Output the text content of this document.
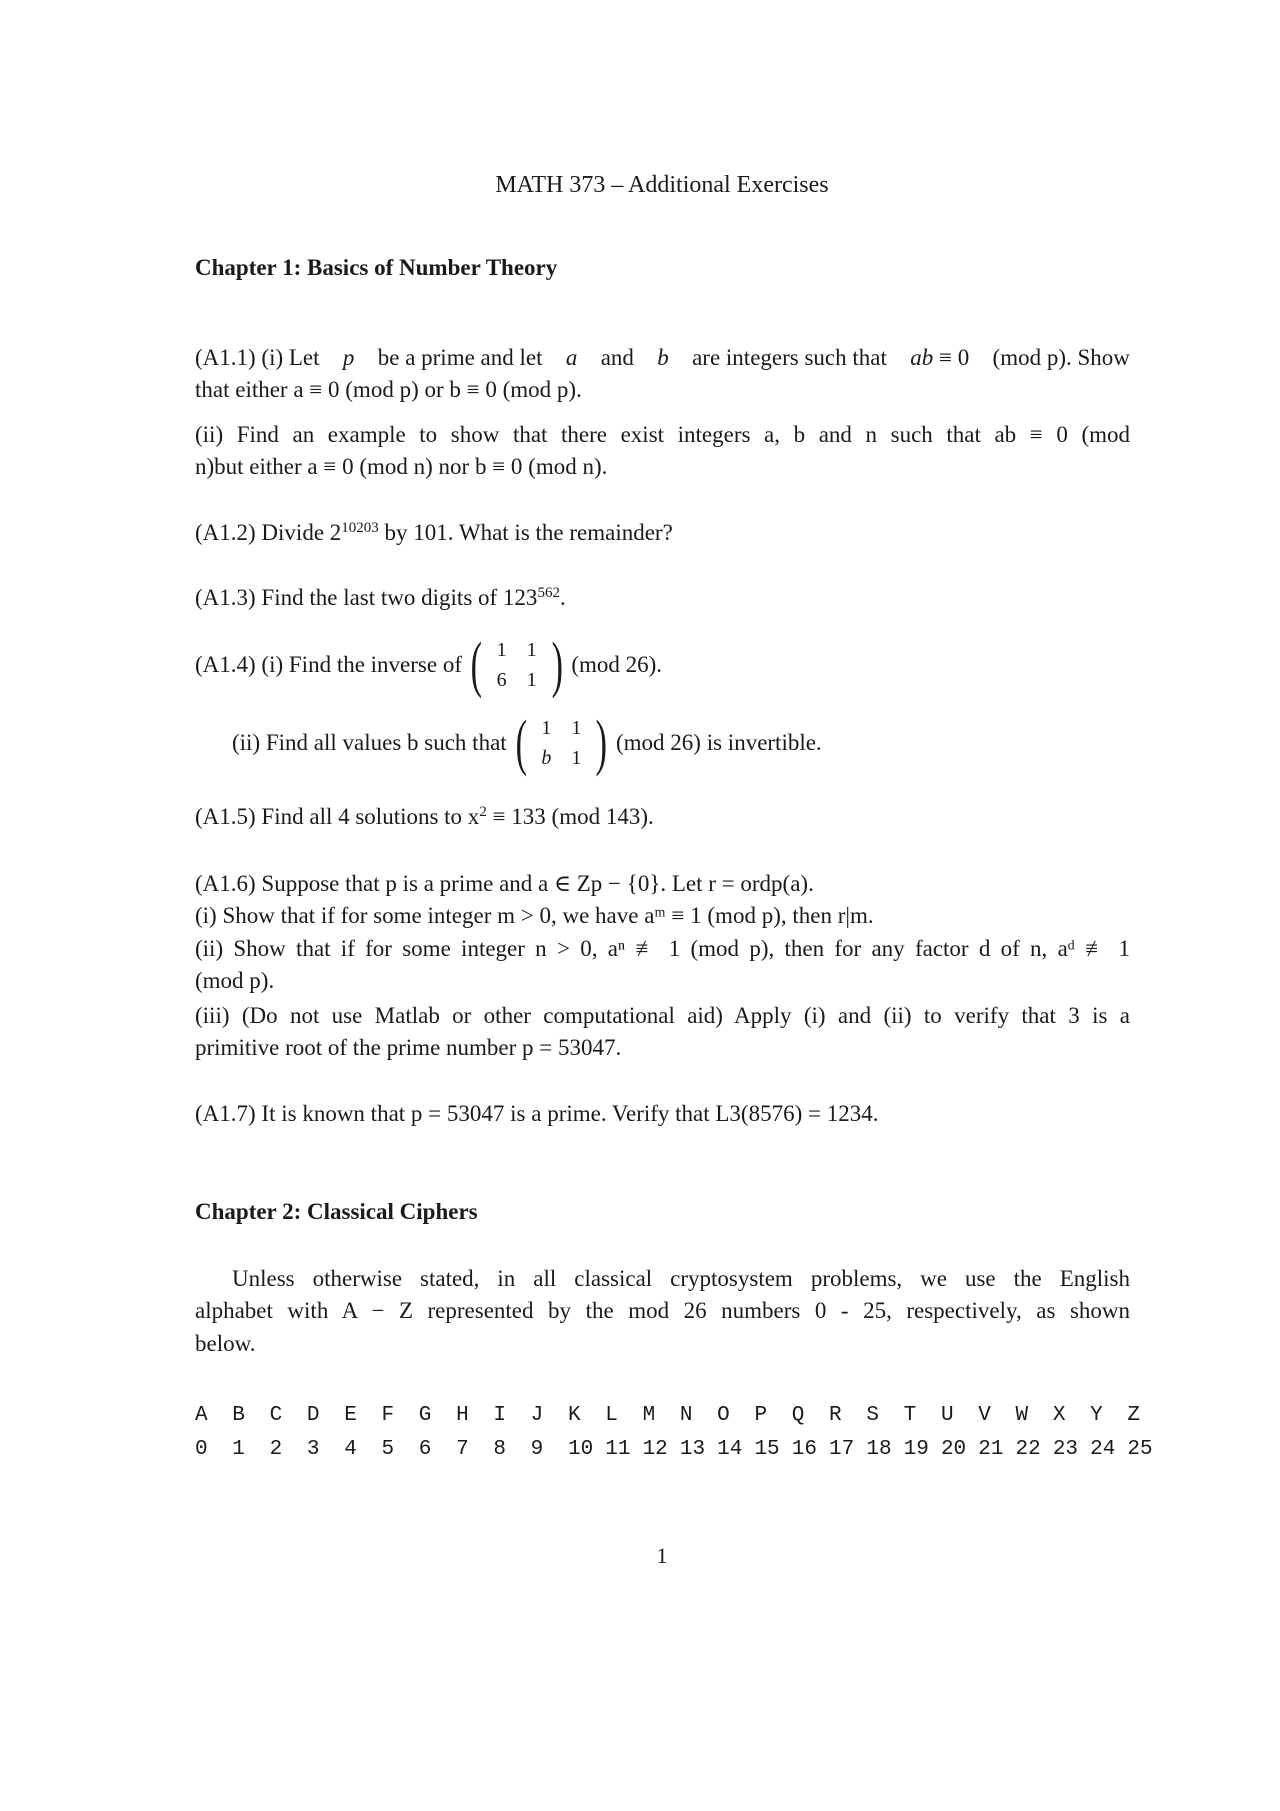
MATH 373 – Additional Exercises
Chapter 1: Basics of Number Theory
(A1.1) (i) Let p be a prime and let a and b are integers such that ab ≡ 0 (mod p). Show
that either a ≡ 0 (mod p) or b ≡ 0 (mod p).
(ii) Find an example to show that there exist integers a, b and n such that ab ≡ 0 (mod
n)but either a ≡ 0 (mod n) nor b ≡ 0 (mod n).
(A1.2) Divide $2^{10203}$ by 101. What is the remainder?
(A1.3) Find the last two digits of $123^{562}$.
(A1.4) (i) Find the inverse of ( 1	1
6	1 ) (mod 26).
(ii) Find all values b such that ( 1	1
b	1 ) (mod 26) is invertible.
(A1.5) Find all 4 solutions to $x^2 \equiv 133$ (mod 143).
(A1.6) Suppose that p is a prime and a ∈ Zp − {0}. Let r = ordp(a).
(i) Show that if for some integer m > 0, we have aᵐ ≡ 1 (mod p), then r|m.
(ii) Show that if for some integer n > 0, aⁿ ≢ 1 (mod p), then for any factor d of n, aᵈ ≢ 1
(mod p).
(iii) (Do not use Matlab or other computational aid) Apply (i) and (ii) to verify that 3 is a
primitive root of the prime number p = 53047.
(A1.7) It is known that p = 53047 is a prime. Verify that L3(8576) = 1234.
Chapter 2: Classical Ciphers
Unless otherwise stated, in all classical cryptosystem problems, we use the English
alphabet with A − Z represented by the mod 26 numbers 0 - 25, respectively, as shown
below.
A	B	C	D	E	F	G	H	I	J	K	L	M	N	O	P	Q	R	S	T	U	V	W	X	Y	Z
0	1	2	3	4	5	6	7	8	9	10	11	12	13	14	15	16	17	18	19	20	21	22	23	24	25
1
